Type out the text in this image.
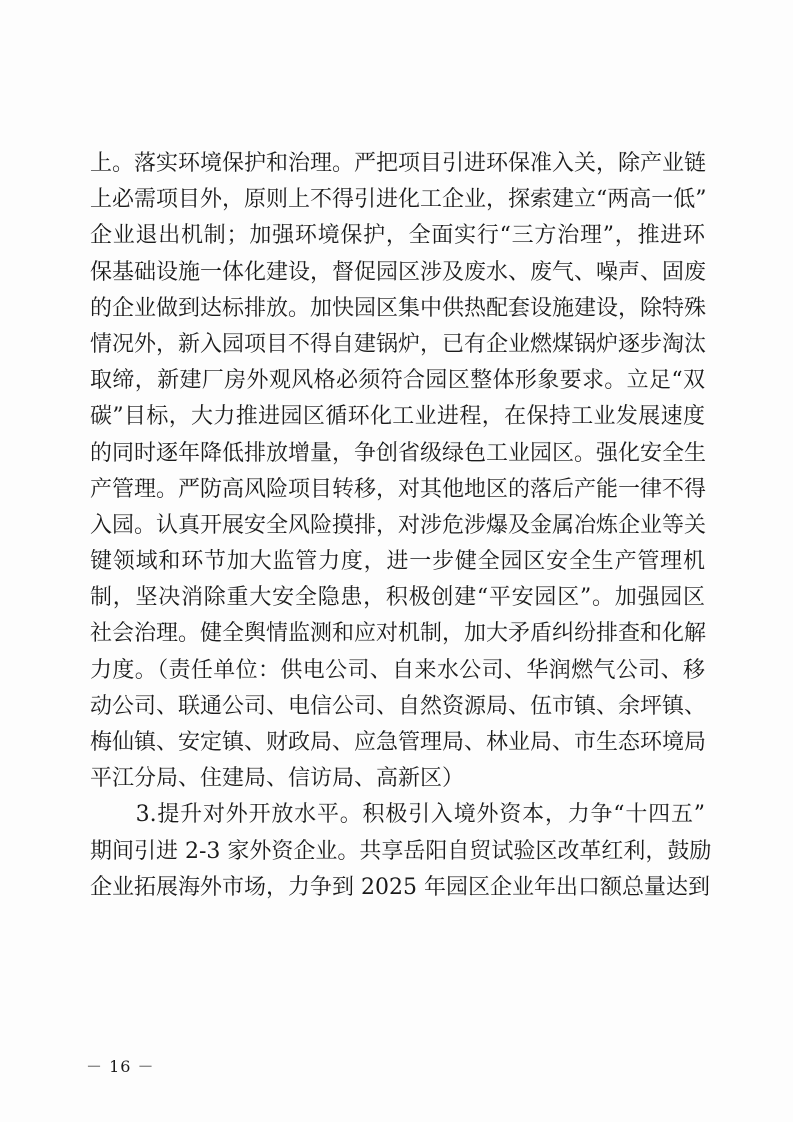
上。落实环境保护和治理。严把项目引进环保准入关，除产业链
上必需项目外，原则上不得引进化工企业，探索建立“两高一低”
企业退出机制；加强环境保护，全面实行“三方治理”，推进环
保基础设施一体化建设，督促园区涉及废水、废气、噪声、固废
的企业做到达标排放。加快园区集中供热配套设施建设，除特殊
情况外，新入园项目不得自建锅炉，已有企业燃煤锅炉逐步淘汰
取缔，新建厂房外观风格必须符合园区整体形象要求。立足“双
碳”目标，大力推进园区循环化工业进程，在保持工业发展速度
的同时逐年降低排放增量，争创省级绿色工业园区。强化安全生
产管理。严防高风险项目转移，对其他地区的落后产能一律不得
入园。认真开展安全风险摸排，对涉危涉爆及金属冶炼企业等关
键领域和环节加大监管力度，进一步健全园区安全生产管理机
制，坚决消除重大安全隐患，积极创建“平安园区”。加强园区
社会治理。健全舆情监测和应对机制，加大矛盾纠纷排查和化解
力度。（责任单位：供电公司、自来水公司、华润燃气公司、移
动公司、联通公司、电信公司、自然资源局、伍市镇、余坪镇、
梅仙镇、安定镇、财政局、应急管理局、林业局、市生态环境局
平江分局、住建局、信访局、高新区）
　　3.提升对外开放水平。积极引入境外资本，力争“十四五”
期间引进 2-3 家外资企业。共享岳阳自贸试验区改革红利，鼓励
企业拓展海外市场，力争到 2025 年园区企业年出口额总量达到
－ 16 －
